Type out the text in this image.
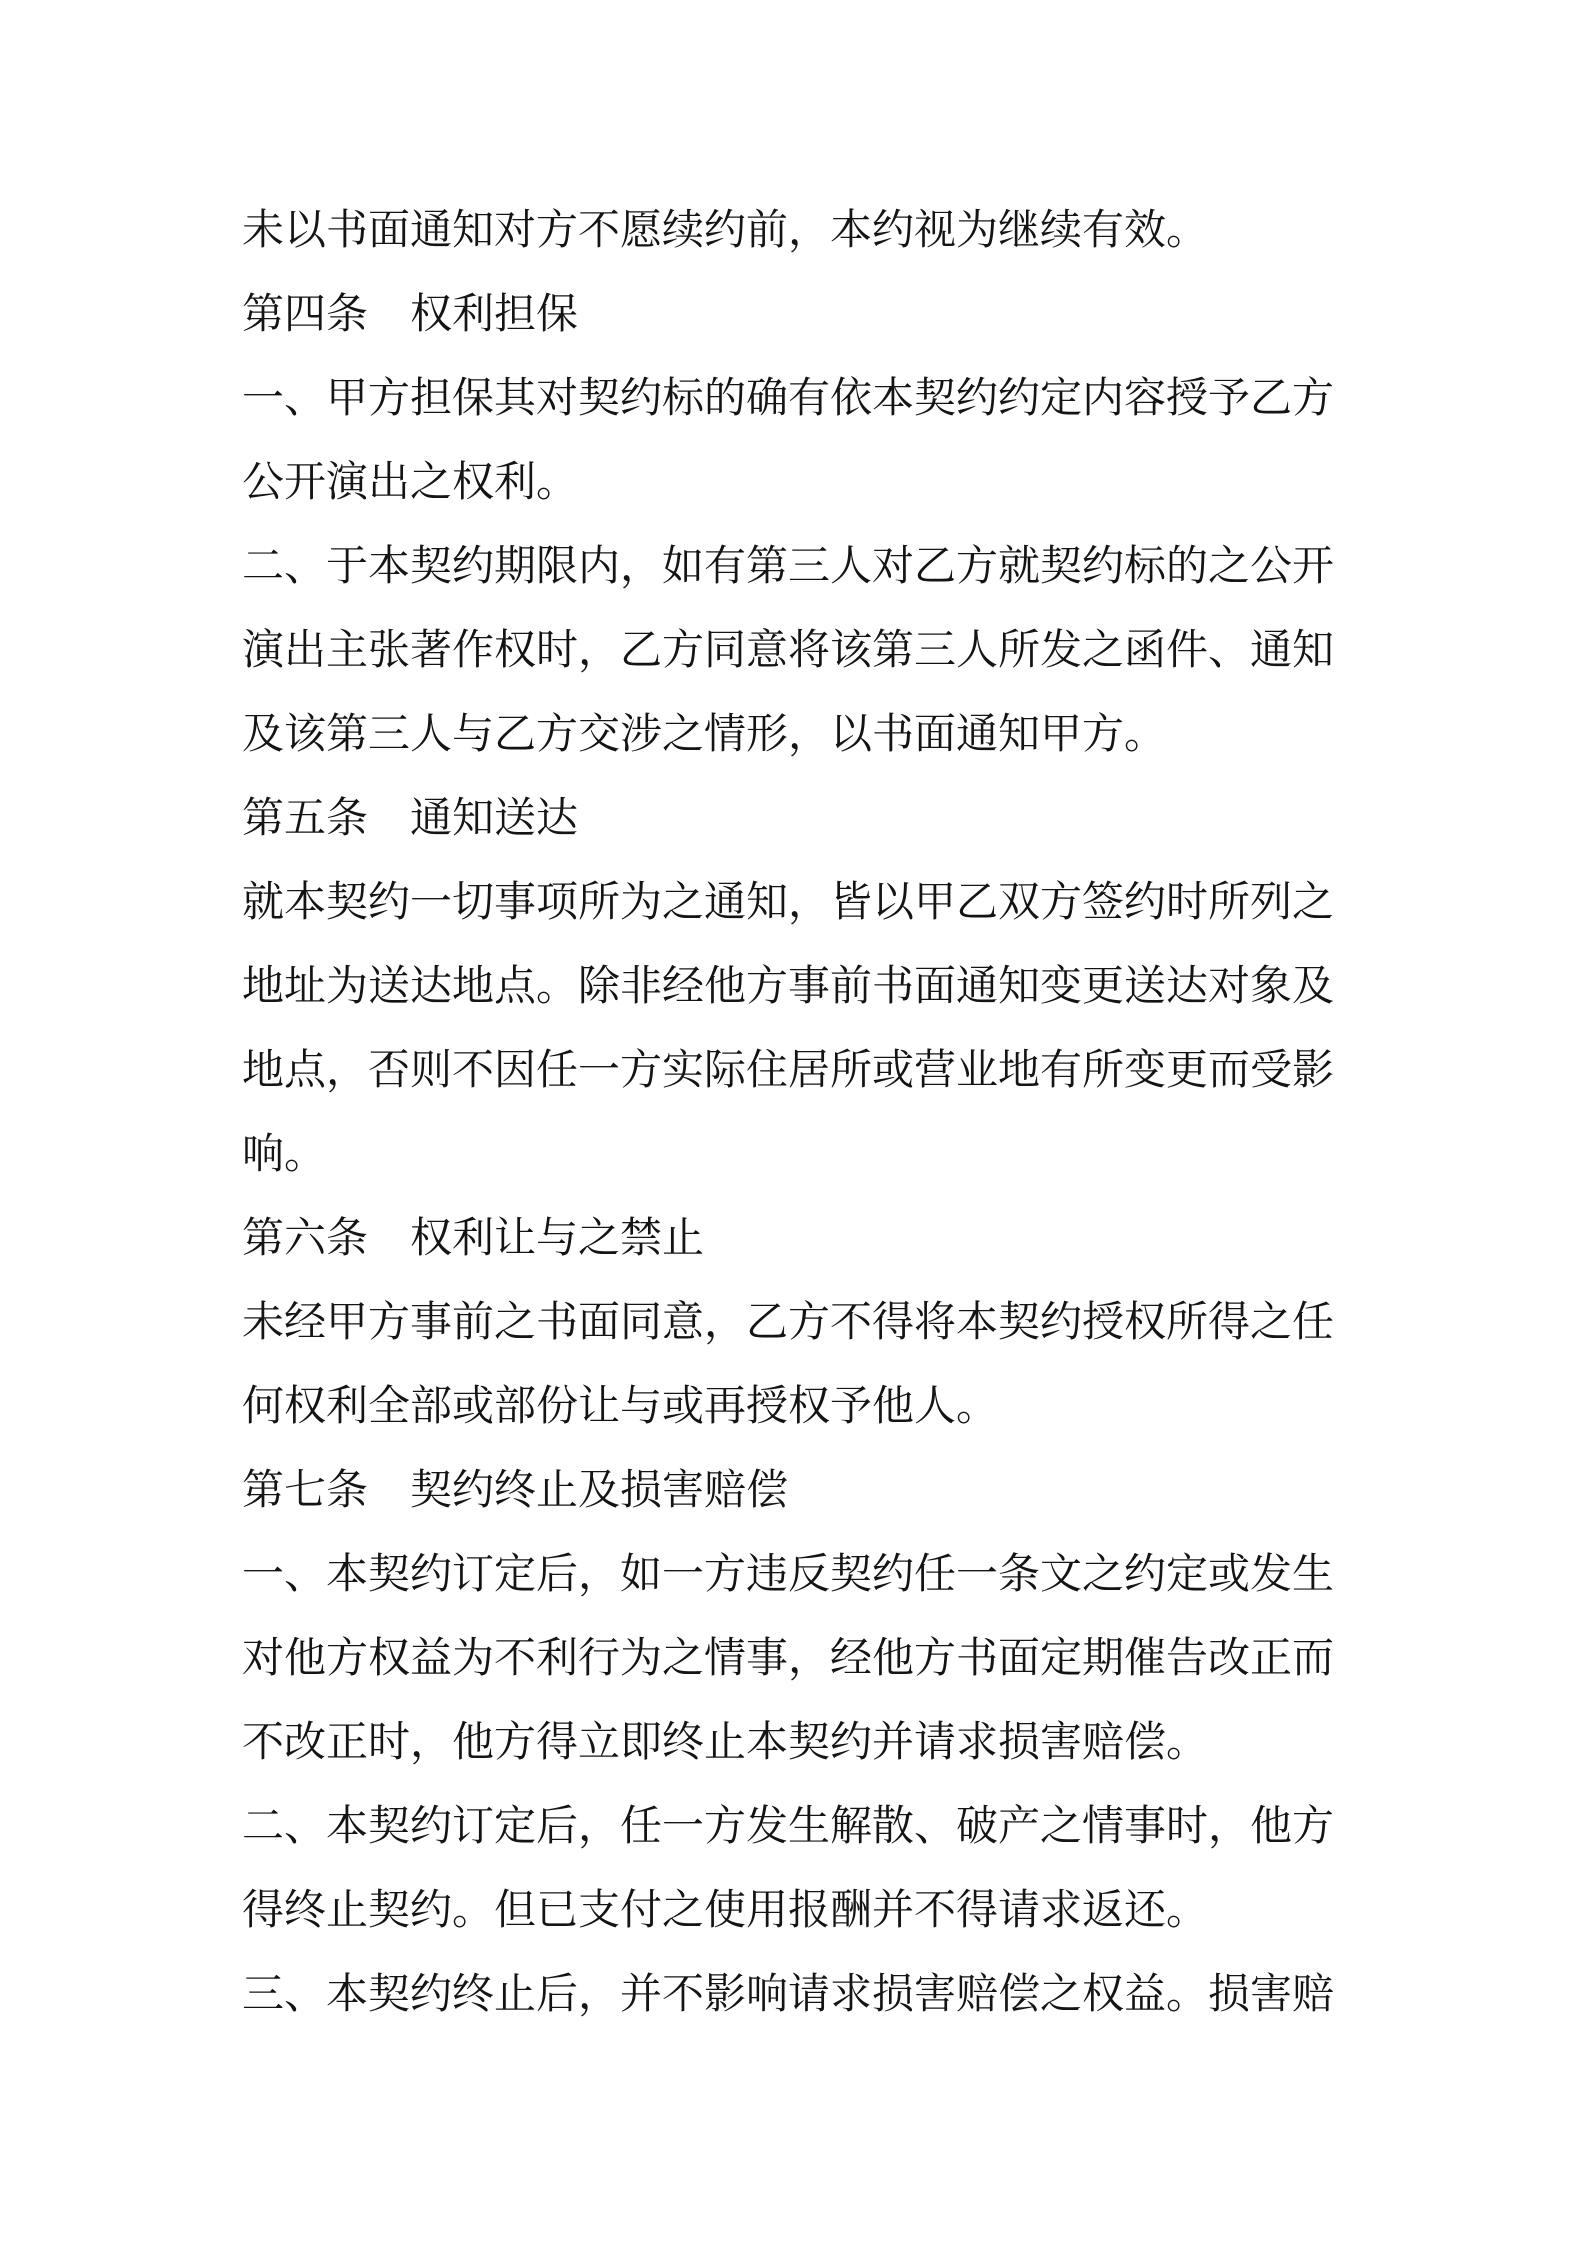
未以书面通知对方不愿续约前，本约视为继续有效。
第四条　权利担保
一、甲方担保其对契约标的确有依本契约约定内容授予乙方
公开演出之权利。
二、于本契约期限内，如有第三人对乙方就契约标的之公开
演出主张著作权时，乙方同意将该第三人所发之函件、通知
及该第三人与乙方交涉之情形，以书面通知甲方。
第五条　通知送达
就本契约一切事项所为之通知，皆以甲乙双方签约时所列之
地址为送达地点。除非经他方事前书面通知变更送达对象及
地点，否则不因任一方实际住居所或营业地有所变更而受影
响。
第六条　权利让与之禁止
未经甲方事前之书面同意，乙方不得将本契约授权所得之任
何权利全部或部份让与或再授权予他人。
第七条　契约终止及损害赔偿
一、本契约订定后，如一方违反契约任一条文之约定或发生
对他方权益为不利行为之情事，经他方书面定期催告改正而
不改正时，他方得立即终止本契约并请求损害赔偿。
二、本契约订定后，任一方发生解散、破产之情事时，他方
得终止契约。但已支付之使用报酬并不得请求返还。
三、本契约终止后，并不影响请求损害赔偿之权益。损害赔
